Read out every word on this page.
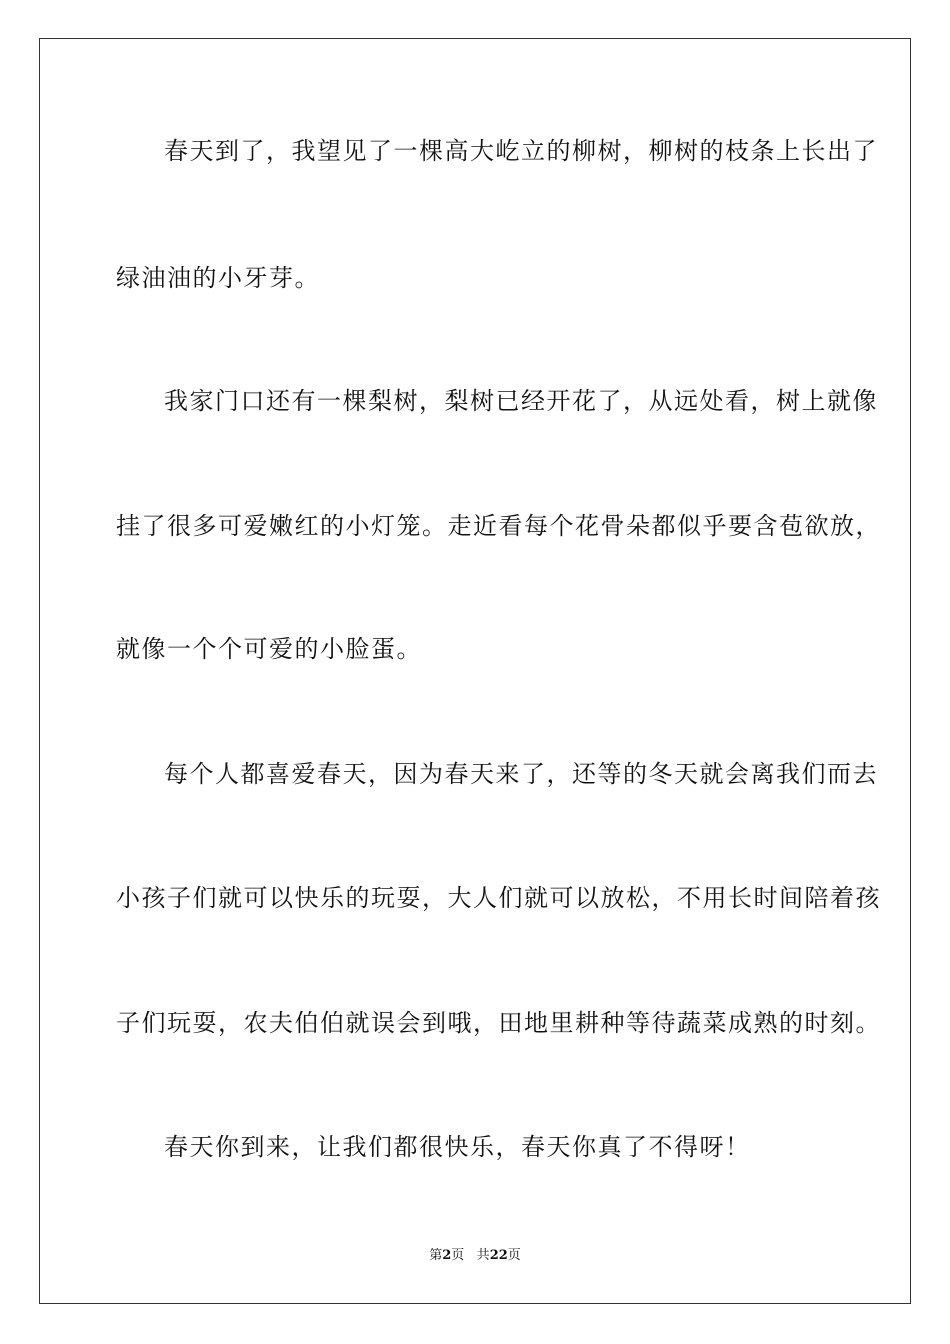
春天到了，我望见了一棵高大屹立的柳树，柳树的枝条上长出了
绿油油的小牙芽。
我家门口还有一棵梨树，梨树已经开花了，从远处看，树上就像
挂了很多可爱嫩红的小灯笼。走近看每个花骨朵都似乎要含苞欲放，
就像一个个可爱的小脸蛋。
每个人都喜爱春天，因为春天来了，还等的冬天就会离我们而去
小孩子们就可以快乐的玩耍，大人们就可以放松，不用长时间陪着孩
子们玩耍，农夫伯伯就误会到哦，田地里耕种等待蔬菜成熟的时刻。
春天你到来，让我们都很快乐，春天你真了不得呀！
第2页 共22页
